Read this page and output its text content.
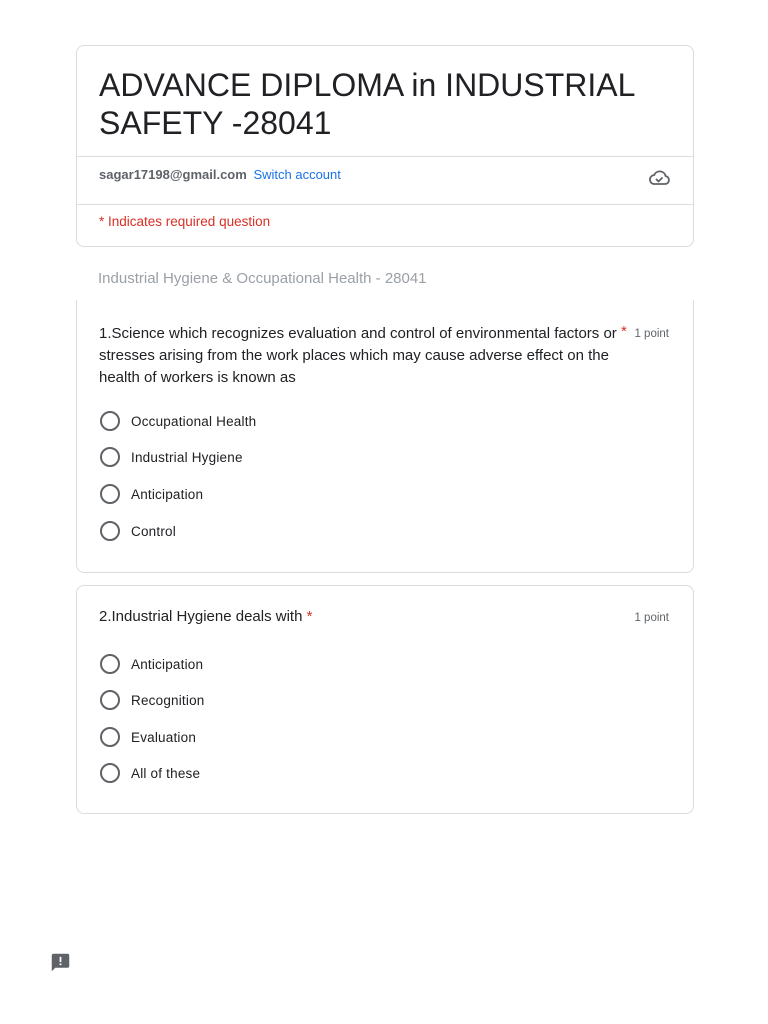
ADVANCE DIPLOMA in INDUSTRIAL SAFETY -28041
sagar17198@gmail.com Switch account
* Indicates required question
Industrial Hygiene & Occupational Health - 28041
1.Science which recognizes evaluation and control of environmental factors or stresses arising from the work places which may cause adverse effect on the health of workers is known as
* 1 point
Occupational Health
Industrial Hygiene
Anticipation
Control
2.Industrial Hygiene deals with *	1 point
Anticipation
Recognition
Evaluation
All of these
